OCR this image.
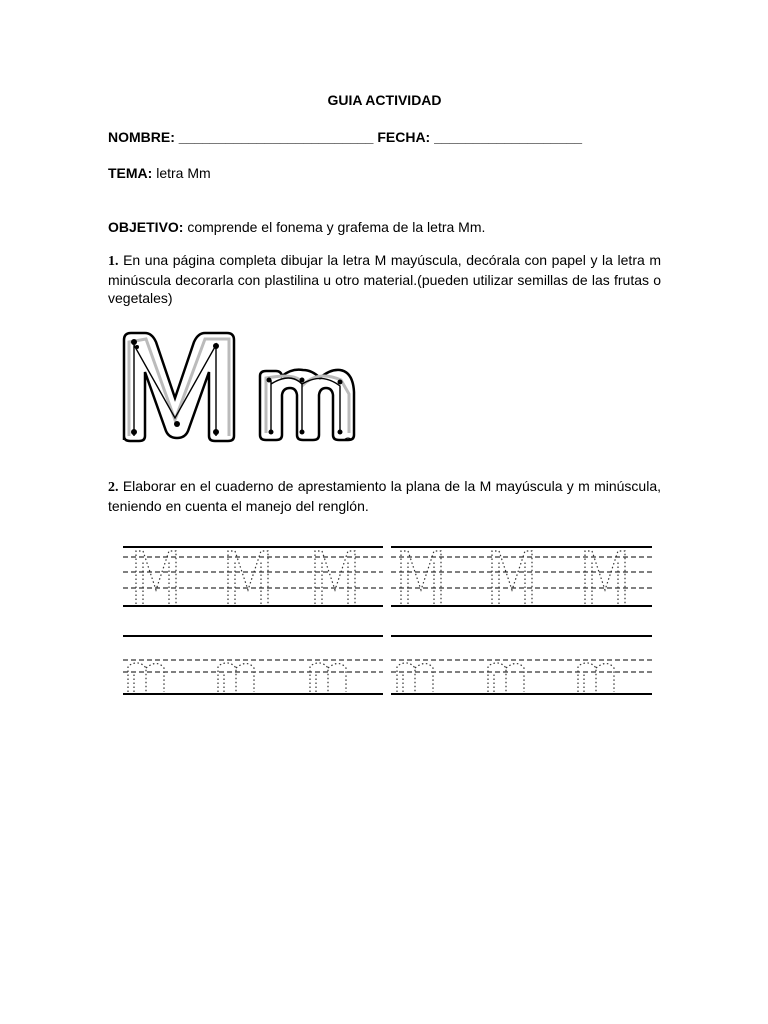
GUIA ACTIVIDAD
NOMBRE: _________________________ FECHA: ___________________
TEMA: letra Mm
OBJETIVO: comprende el fonema y grafema de la letra Mm.
1. En una página completa dibujar la letra M mayúscula, decórala con papel y la letra m minúscula decorarla con plastilina u otro material.(pueden utilizar semillas de las frutas o vegetales)
2. Elaborar en el cuaderno de aprestamiento la plana de la M mayúscula y m minúscula, teniendo en cuenta el manejo del renglón.
